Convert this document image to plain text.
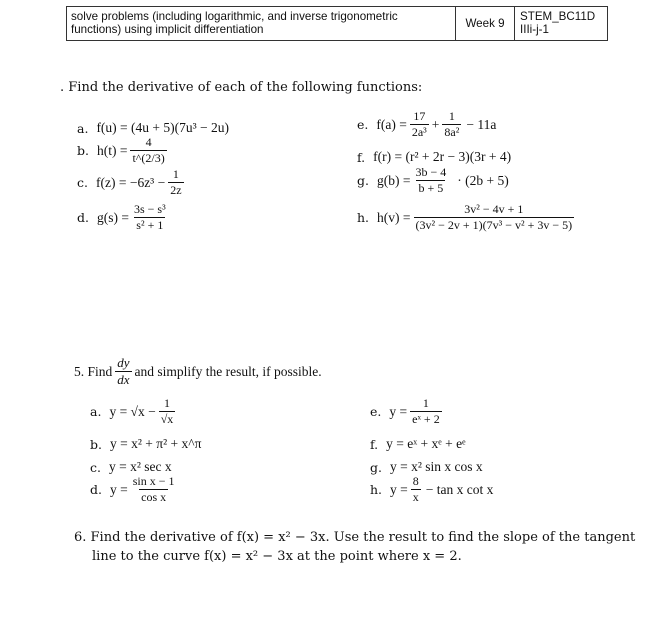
solve problems (including logarithmic, and inverse trigonometric functions) using implicit differentiation	Week 9
STEM_BC11D
IIIi-j-1
. Find the derivative of each of the following functions:
a. f(u) = (4u + 5)(7u³ − 2u)
b. $h(t) = \frac{4}{t\^{}(2/3)}$
c. $f(z) = -6z^3 - \frac{1}{2z}$
d. $g(s) = \frac{\text{3s − s³}}{\text{s² + 1}}$
e. $f(a) = \frac{17}{\text{2a³}} + \frac{1}{\text{8a²}} - 11a$
f. f(r) = (r² + 2r − 3)(3r + 4)
g. $g(b) = \frac{3b - 4}{b + 5} \cdot (2b + 5)$
h. $h(v) = \frac{\text{3v² − 4v + 1}}{\text{(3v² − 2v + 1)(7v³ − v² + 3v − 5)}}$
5. Find $\frac{dy}{dx}$ and simplify the result, if possible.
a. $y = √x - \frac{1}{√x}$
b. y = x² + π² + x^π
c. y = x² sec x
d. $y = \frac{\text{sin x − 1}}{\text{cos x}}$
e. $y = \frac{1}{\text{eˣ + 2}}$
f. y = eˣ + xᵉ + eᵉ
g. y = x² sin x cos x
h. $y = \frac{8}{x} - \tan x$ cot x
6. Find the derivative of f(x) = x² − 3x. Use the result to find the slope of the tangent
line to the curve f(x) = x² − 3x at the point where x = 2.
